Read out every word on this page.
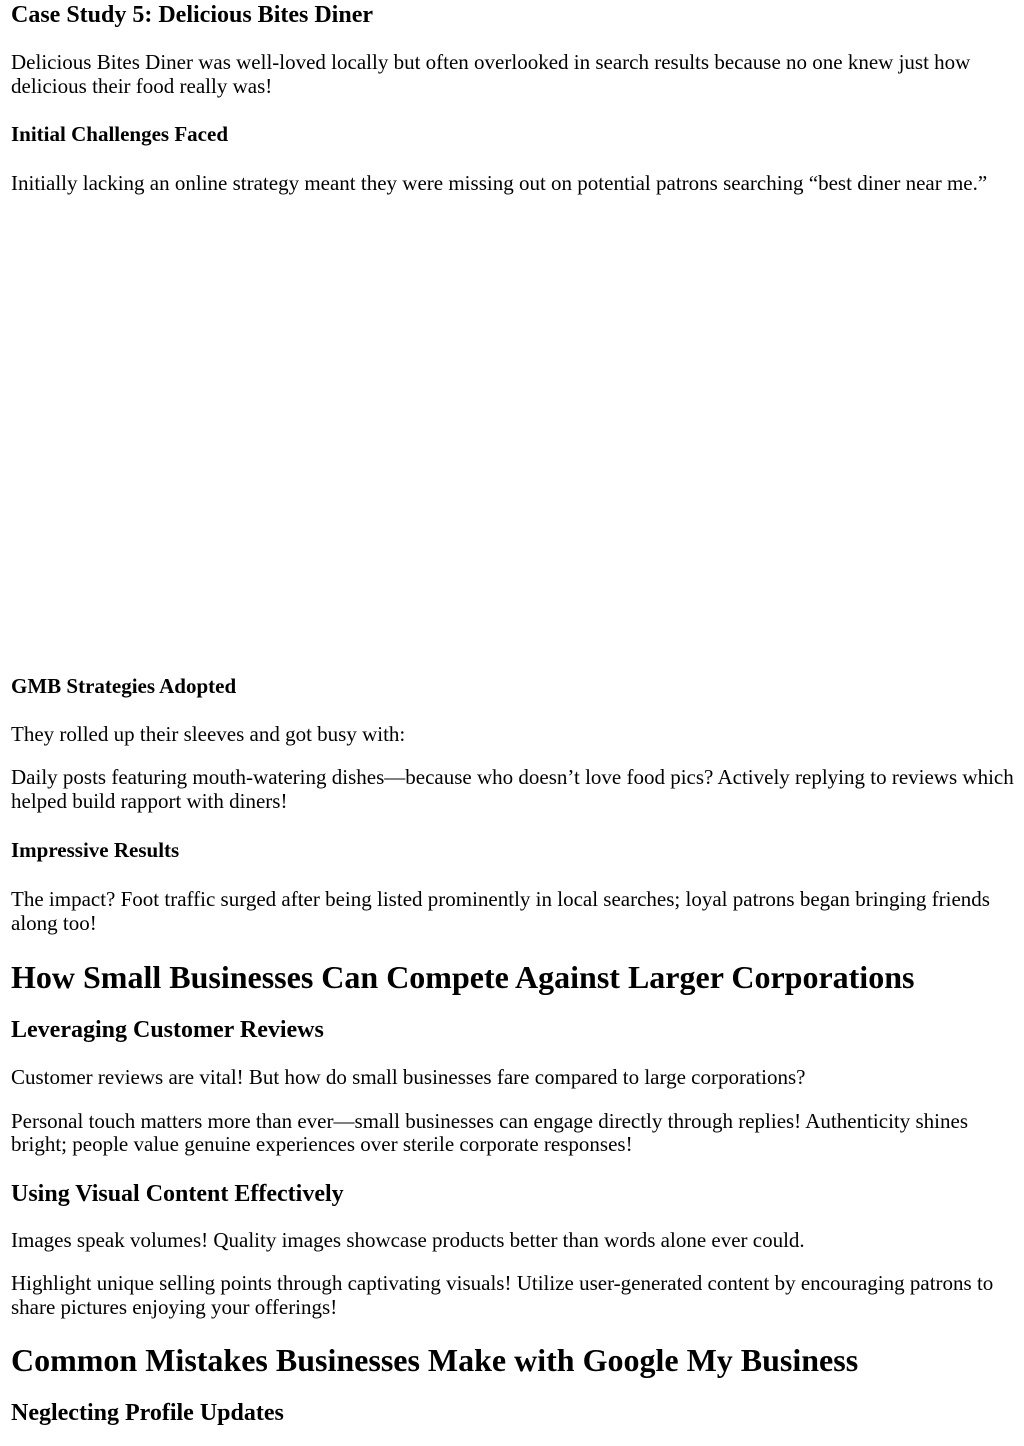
Case Study 5: Delicious Bites Diner

Delicious Bites Diner was well-loved locally but often overlooked in search results because no one knew just how delicious their food really was!

Initial Challenges Faced

Initially lacking an online strategy meant they were missing out on potential patrons searching “best diner near me.”

GMB Strategies Adopted

They rolled up their sleeves and got busy with:

Daily posts featuring mouth-watering dishes—because who doesn’t love food pics? Actively replying to reviews which helped build rapport with diners!

Impressive Results

The impact? Foot traffic surged after being listed prominently in local searches; loyal patrons began bringing friends along too!

How Small Businesses Can Compete Against Larger Corporations
Leveraging Customer Reviews

Customer reviews are vital! But how do small businesses fare compared to large corporations?

Personal touch matters more than ever—small businesses can engage directly through replies! Authenticity shines bright; people value genuine experiences over sterile corporate responses!

Using Visual Content Effectively

Images speak volumes! Quality images showcase products better than words alone ever could.

Highlight unique selling points through captivating visuals! Utilize user-generated content by encouraging patrons to share pictures enjoying your offerings!

Common Mistakes Businesses Make with Google My Business
Neglecting Profile Updates
